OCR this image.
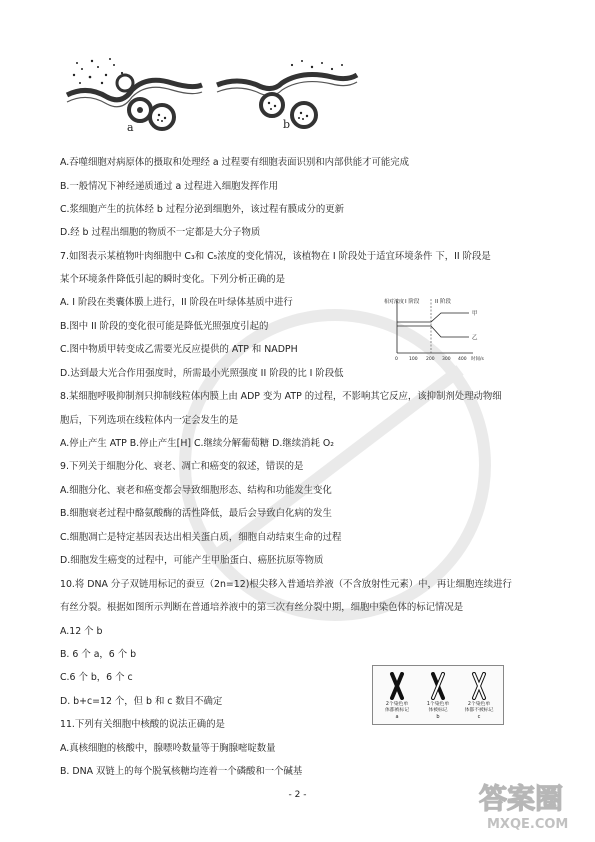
a	b
A.吞噬细胞对病原体的摄取和处理经 a 过程要有细胞表面识别和内部供能才可能完成
B.一般情况下神经递质通过 a 过程进入细胞发挥作用
C.浆细胞产生的抗体经 b 过程分泌到细胞外，该过程有膜成分的更新
D.经 b 过程出细胞的物质不一定都是大分子物质
7.如图表示某植物叶肉细胞中 C₃和 C₅浓度的变化情况，该植物在 I 阶段处于适宜环境条件 下，II 阶段是
某个环境条件降低引起的瞬时变化。下列分析正确的是
A. I 阶段在类囊体膜上进行，II 阶段在叶绿体基质中进行
B.图中 II 阶段的变化很可能是降低光照强度引起的
C.图中物质甲转变成乙需要光反应提供的 ATP 和 NADPH
D.达到最大光合作用强度时，所需最小光照强度 II 阶段的比 I 阶段低
8.某细胞呼吸抑制剂只抑制线粒体内膜上由 ADP 变为 ATP 的过程，不影响其它反应，该抑制剂处理动物细
胞后，下列选项在线粒体内一定会发生的是
A.停止产生 ATP B.停止产生[H] C.继续分解葡萄糖 D.继续消耗 O₂
9.下列关于细胞分化、衰老、凋亡和癌变的叙述，错误的是
A.细胞分化、衰老和癌变都会导致细胞形态、结构和功能发生变化
B.细胞衰老过程中酪氨酸酶的活性降低，最后会导致白化病的发生
C.细胞凋亡是特定基因表达出相关蛋白质，细胞自动结束生命的过程
D.细胞发生癌变的过程中，可能产生甲胎蛋白、癌胚抗原等物质
10.将 DNA 分子双链用标记的蚕豆（2n=12)根尖移入普通培养液（不含放射性元素）中，再让细胞连续进行
有丝分裂。根据如图所示判断在普通培养液中的第三次有丝分裂中期，细胞中染色体的标记情况是
A.12 个 b
B. 6 个 a，6 个 b
C.6 个 b，6 个 c
D. b+c=12 个，但 b 和 c 数目不确定
11.下列有关细胞中核酸的说法正确的是
A.真核细胞的核酸中，腺嘌呤数量等于胸腺嘧啶数量
B. DNA 双链上的每个脱氧核糖均连着一个磷酸和一个碱基
相对浓度 I 阶段	II 阶段
甲
乙
0 100 200 300 400 时间/s
2个染色单
体都被标记
a
1个染色单
体被标记
b
2个染色单
体都不被标记
c
- 2 -	答案圈
MXQE.COM
